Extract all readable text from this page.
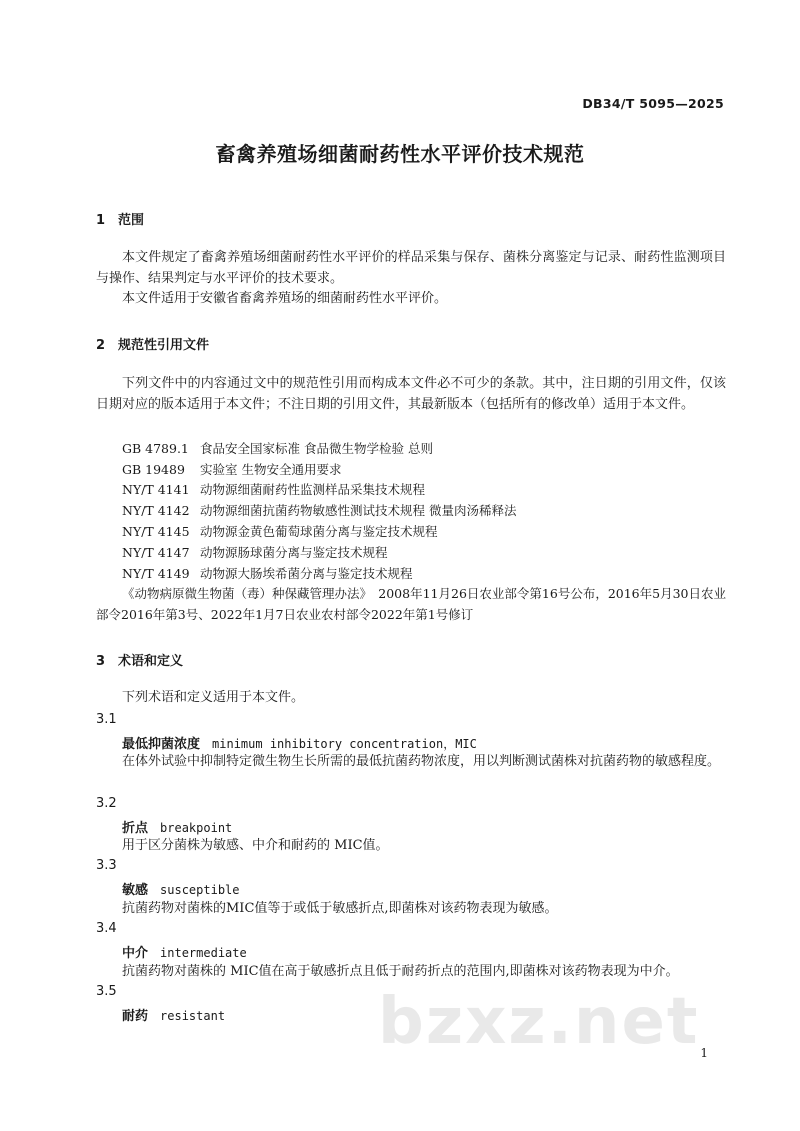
DB34/T 5095—2025
畜禽养殖场细菌耐药性水平评价技术规范
1 范围
本文件规定了畜禽养殖场细菌耐药性水平评价的样品采集与保存、菌株分离鉴定与记录、耐药性监测项目与操作、结果判定与水平评价的技术要求。
本文件适用于安徽省畜禽养殖场的细菌耐药性水平评价。
2 规范性引用文件
下列文件中的内容通过文中的规范性引用而构成本文件必不可少的条款。其中，注日期的引用文件，仅该日期对应的版本适用于本文件；不注日期的引用文件，其最新版本（包括所有的修改单）适用于本文件。
GB 4789.1 食品安全国家标准 食品微生物学检验 总则
GB 19489 实验室 生物安全通用要求
NY/T 4141 动物源细菌耐药性监测样品采集技术规程
NY/T 4142 动物源细菌抗菌药物敏感性测试技术规程 微量肉汤稀释法
NY/T 4145 动物源金黄色葡萄球菌分离与鉴定技术规程
NY/T 4147 动物源肠球菌分离与鉴定技术规程
NY/T 4149 动物源大肠埃希菌分离与鉴定技术规程
《动物病原微生物菌（毒）种保藏管理办法》　2008年11月26日农业部令第16号公布，2016年5月30日农业部令2016年第3号、2022年1月7日农业农村部令2022年第1号修订
3 术语和定义
下列术语和定义适用于本文件。
3.1
最低抑菌浓度 minimum inhibitory concentration，MIC
在体外试验中抑制特定微生物生长所需的最低抗菌药物浓度，用以判断测试菌株对抗菌药物的敏感程度。
3.2
折点 breakpoint
用于区分菌株为敏感、中介和耐药的 MIC值。
3.3
敏感 susceptible
抗菌药物对菌株的MIC值等于或低于敏感折点,即菌株对该药物表现为敏感。
3.4
中介 intermediate
抗菌药物对菌株的 MIC值在高于敏感折点且低于耐药折点的范围内,即菌株对该药物表现为中介。
3.5
耐药 resistant bzxz.net 1
